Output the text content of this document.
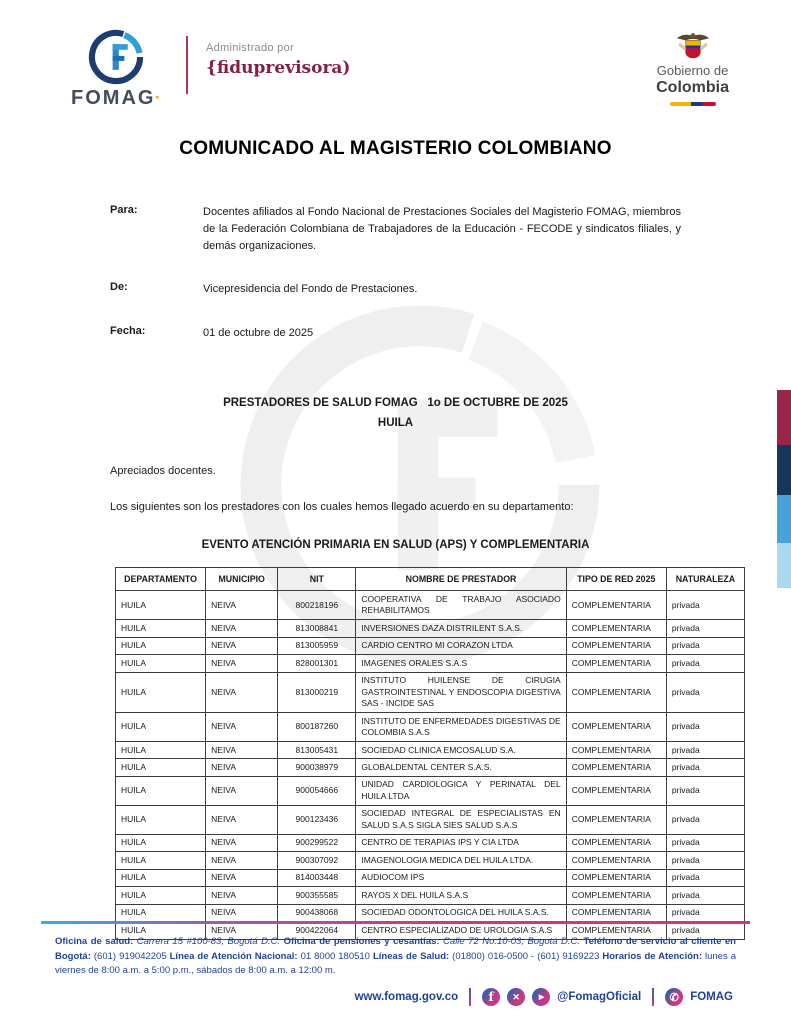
FOMAG•
Administrado por
{fiduprevisora)	Gobierno de
Colombia
COMUNICADO AL MAGISTERIO COLOMBIANO
Para:	Docentes afiliados al Fondo Nacional de Prestaciones Sociales del Magisterio FOMAG, miembros de la Federación Colombiana de Trabajadores de la Educación - FECODE y sindicatos filiales, y demás organizaciones.
De:	Vicepresidencia del Fondo de Prestaciones.
Fecha:	01 de octubre de 2025
PRESTADORES DE SALUD FOMAG   1o DE OCTUBRE DE 2025
HUILA
Apreciados docentes.
Los siguientes son los prestadores con los cuales hemos llegado acuerdo en su departamento:
EVENTO ATENCIÓN PRIMARIA EN SALUD (APS) Y COMPLEMENTARIA
DEPARTAMENTO	MUNICIPIO	NIT	NOMBRE DE PRESTADOR	TIPO DE RED 2025	NATURALEZA
HUILA	NEIVA	800218196	COOPERATIVA DE TRABAJO ASOCIADO REHABILITAMOS	COMPLEMENTARIA	privada
HUILA	NEIVA	813008841	INVERSIONES DAZA DISTRILENT S.A.S.	COMPLEMENTARIA	privada
HUILA	NEIVA	813005959	CARDIO CENTRO MI CORAZON LTDA	COMPLEMENTARIA	privada
HUILA	NEIVA	828001301	IMAGENES ORALES S.A.S	COMPLEMENTARIA	privada
HUILA	NEIVA	813000219	INSTITUTO HUILENSE DE CIRUGIA GASTROINTESTINAL Y ENDOSCOPIA DIGESTIVA SAS - INCIDE SAS	COMPLEMENTARIA	privada
HUILA	NEIVA	800187260	INSTITUTO DE ENFERMEDADES DIGESTIVAS DE COLOMBIA S.A.S	COMPLEMENTARIA	privada
HUILA	NEIVA	813005431	SOCIEDAD CLINICA EMCOSALUD S.A.	COMPLEMENTARIA	privada
HUILA	NEIVA	900038979	GLOBALDENTAL CENTER S.A.S.	COMPLEMENTARIA	privada
HUILA	NEIVA	900054666	UNIDAD CARDIOLOGICA Y PERINATAL DEL HUILA LTDA	COMPLEMENTARIA	privada
HUILA	NEIVA	900123436	SOCIEDAD INTEGRAL DE ESPECIALISTAS EN SALUD S.A.S SIGLA SIES SALUD S.A.S	COMPLEMENTARIA	privada
HUILA	NEIVA	900299522	CENTRO DE TERAPIAS IPS Y CIA LTDA	COMPLEMENTARIA	privada
HUILA	NEIVA	900307092	IMAGENOLOGIA MEDICA DEL HUILA LTDA.	COMPLEMENTARIA	privada
HUILA	NEIVA	814003448	AUDIOCOM IPS	COMPLEMENTARIA	privada
HUILA	NEIVA	900355585	RAYOS X DEL HUILA S.A.S	COMPLEMENTARIA	privada
HUILA	NEIVA	900438068	SOCIEDAD ODONTOLOGICA DEL HUILA S.A.S.	COMPLEMENTARIA	privada
HUILA	NEIVA	900422064	CENTRO ESPECIALIZADO DE UROLOGIA S.A.S	COMPLEMENTARIA	privada
Oficina de salud: Carrera 15 #100-83, Bogotá D.C. Oficina de pensiones y cesantías: Calle 72 No.10-03, Bogotá D.C. Teléfono de servicio al cliente en Bogotá: (601) 919042205 Línea de Atención Nacional: 01 8000 180510 Líneas de Salud: (01800) 016-0500 - (601) 9169223 Horarios de Atención: lunes a viernes de 8:00 a.m. a 5:00 p.m., sábados de 8:00 a.m. a 12:00 m.
www.fomag.gov.co	f	✕	▶	@FomagOficial	✆ FOMAG
